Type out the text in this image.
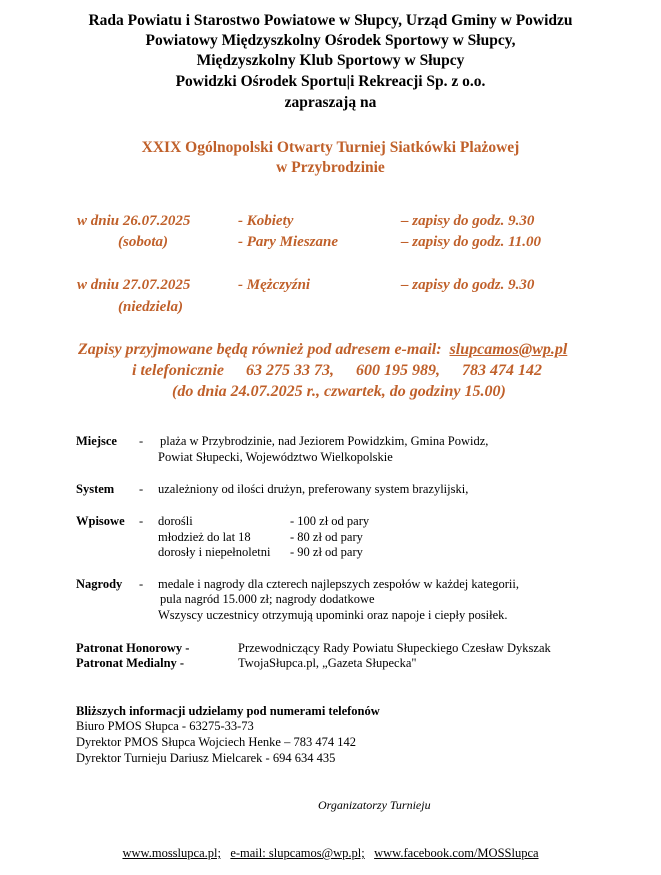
Rada Powiatu i Starostwo Powiatowe w Słupcy, Urząd Gminy w Powidzu
Powiatowy Międzyszkolny Ośrodek Sportowy w Słupcy,
Międzyszkolny Klub Sportowy w Słupcy
Powidzki Ośrodek Sportu|i Rekreacji Sp. z o.o.
zapraszają na
XXIX Ogólnopolski Otwarty Turniej Siatkówki Plażowej
w Przybrodzinie
w dniu 26.07.2025	- Kobiety	– zapisy do godz. 9.30
(sobota)	- Pary Mieszane	– zapisy do godz. 11.00
w dniu 27.07.2025	- Mężczyźni	– zapisy do godz. 9.30
(niedziela)
Zapisy przyjmowane będą również pod adresem e-mail: slupcamos@wp.pl
i telefonicznie 63 275 33 73, 600 195 989, 783 474 142
(do dnia 24.07.2025 r., czwartek, do godziny 15.00)
Miejsce - plaża w Przybrodzinie, nad Jeziorem Powidzkim, Gmina Powidz,
Powiat Słupecki, Województwo Wielkopolskie
System - uzależniony od ilości drużyn, preferowany system brazylijski,
Wpisowe - dorośli	- 100 zł od pary
młodzież do lat 18	- 80 zł od pary
dorosły i niepełnoletni - 90 zł od pary
Nagrody - medale i nagrody dla czterech najlepszych zespołów w każdej kategorii,
pula nagród 15.000 zł; nagrody dodatkowe
Wszyscy uczestnicy otrzymują upominki oraz napoje i ciepły posiłek.
Patronat Honorowy -	Przewodniczący Rady Powiatu Słupeckiego Czesław Dykszak
Patronat Medialny -	TwojaSłupca.pl, „Gazeta Słupecka"
Bliższych informacji udzielamy pod numerami telefonów
Biuro PMOS Słupca - 63275-33-73
Dyrektor PMOS Słupca Wojciech Henke – 783 474 142
Dyrektor Turnieju Dariusz Mielcarek - 694 634 435
Organizatorzy Turnieju
www.mosslupca.pl; e-mail: slupcamos@wp.pl; www.facebook.com/MOSSlupca
